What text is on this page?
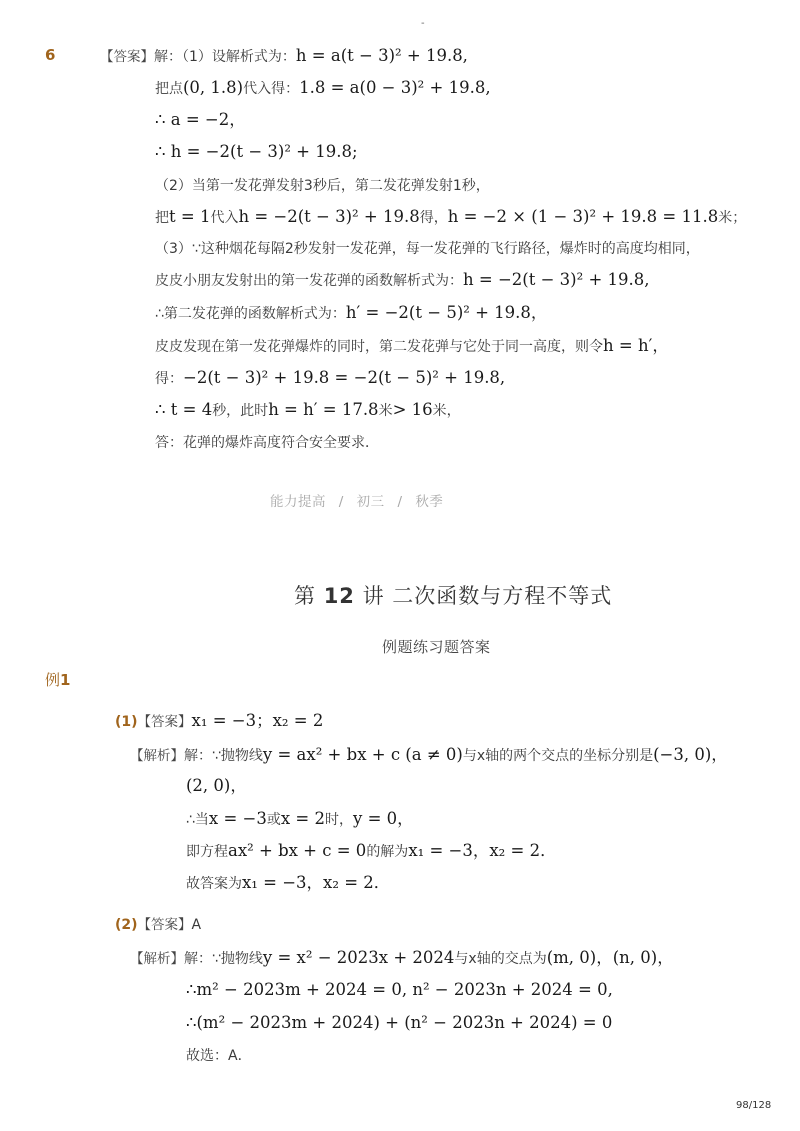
-
6	【答案】解：（1）设解析式为：h = a(t − 3)² + 19.8,
把点(0, 1.8)代入得：1.8 = a(0 − 3)² + 19.8,
∴ a = −2，
∴ h = −2(t − 3)² + 19.8;
（2）当第一发花弹发射3秒后，第二发花弹发射1秒，
把t = 1代入h = −2(t − 3)² + 19.8得，h = −2 × (1 − 3)² + 19.8 = 11.8米；
（3）∵这种烟花每隔2秒发射一发花弹，每一发花弹的飞行路径，爆炸时的高度均相同，
皮皮小朋友发射出的第一发花弹的函数解析式为：h = −2(t − 3)² + 19.8,
∴第二发花弹的函数解析式为：h′ = −2(t − 5)² + 19.8，
皮皮发现在第一发花弹爆炸的同时，第二发花弹与它处于同一高度，则令h = h′，
得：−2(t − 3)² + 19.8 = −2(t − 5)² + 19.8,
∴ t = 4秒，此时h = h′ = 17.8米> 16米，
答：花弹的爆炸高度符合安全要求．
能力提高 / 初三 / 秋季
第 12 讲 二次函数与方程不等式
例题练习题答案
例1
(1)【答案】x₁ = −3；x₂ = 2
【解析】解：∵抛物线y = ax² + bx + c (a ≠ 0)与x轴的两个交点的坐标分别是(−3, 0)，
(2, 0)，
∴当x = −3或x = 2时，y = 0，
即方程ax² + bx + c = 0的解为x₁ = −3，x₂ = 2．
故答案为x₁ = −3，x₂ = 2．
(2)【答案】A
【解析】解：∵抛物线y = x² − 2023x + 2024与x轴的交点为(m, 0)，(n, 0)，
∴m² − 2023m + 2024 = 0, n² − 2023n + 2024 = 0,
∴(m² − 2023m + 2024) + (n² − 2023n + 2024) = 0
故选：A．
98/128
